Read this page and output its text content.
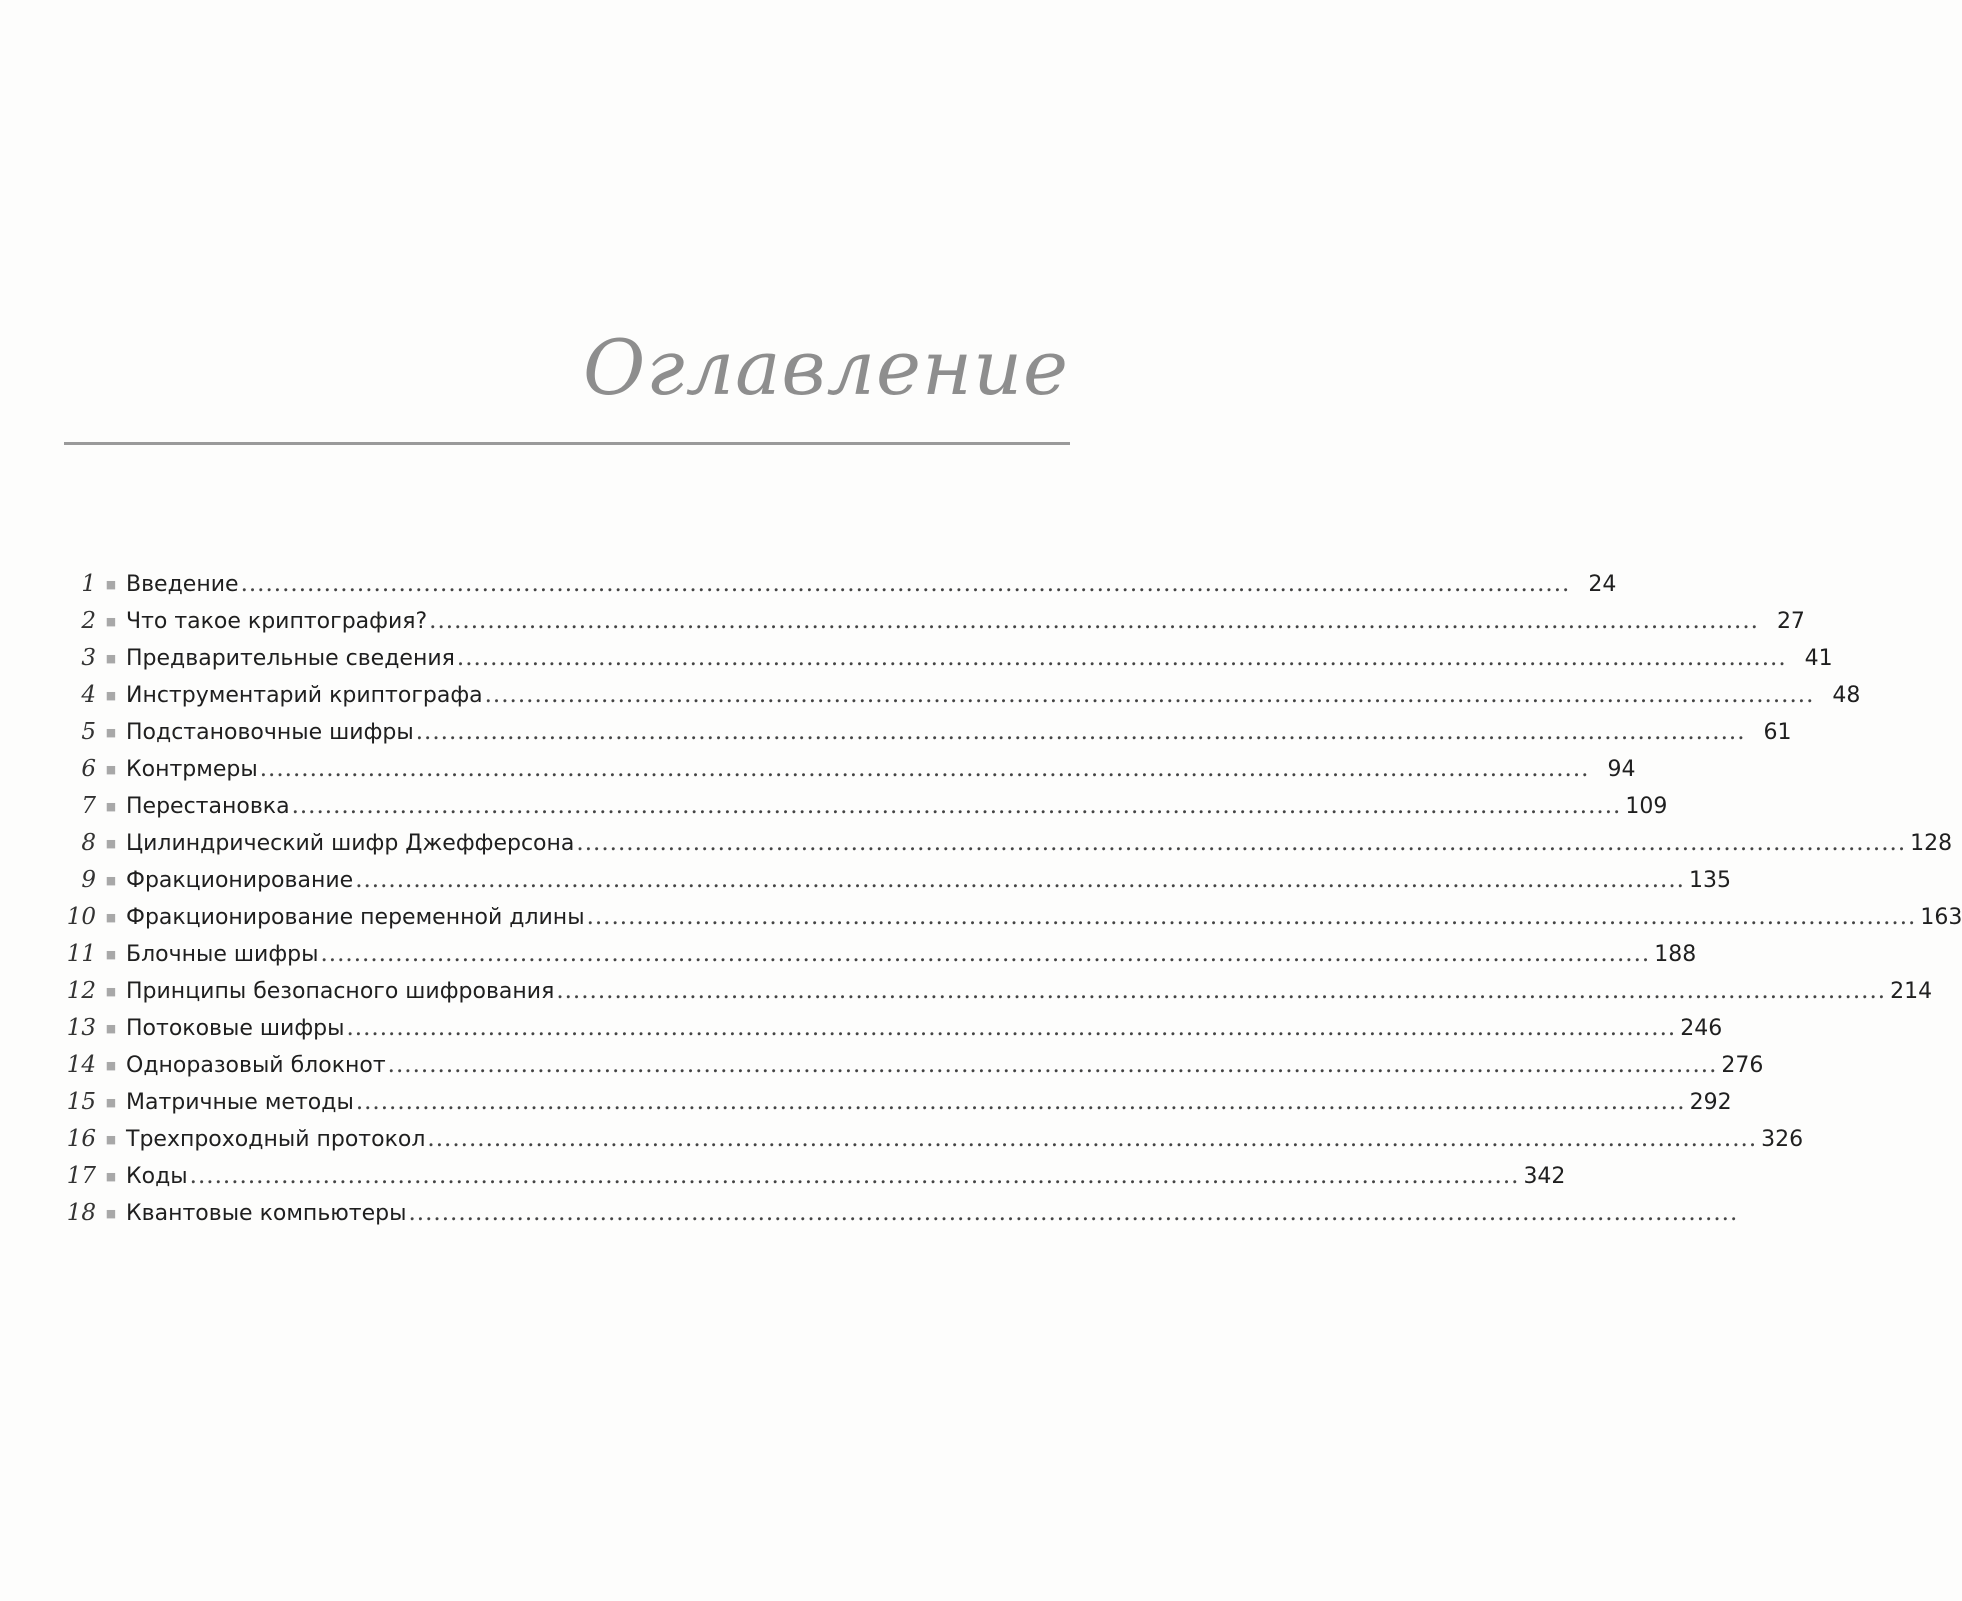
Оглавление
1 ■ Введение ................................................................................................................................................................ 24
2 ■ Что такое криптография? ................................................................................................................................................................ 27
3 ■ Предварительные сведения ................................................................................................................................................................ 41
4 ■ Инструментарий криптографа ................................................................................................................................................................ 48
5 ■ Подстановочные шифры ................................................................................................................................................................ 61
6 ■ Контрмеры ................................................................................................................................................................ 94
7 ■ Перестановка ................................................................................................................................................................ 109
8 ■ Цилиндрический шифр Джефферсона ................................................................................................................................................................ 128
9 ■ Фракционирование ................................................................................................................................................................ 135
10 ■ Фракционирование переменной длины ................................................................................................................................................................ 163
11 ■ Блочные шифры ................................................................................................................................................................ 188
12 ■ Принципы безопасного шифрования ................................................................................................................................................................ 214
13 ■ Потоковые шифры ................................................................................................................................................................ 246
14 ■ Одноразовый блокнот ................................................................................................................................................................ 276
15 ■ Матричные методы ................................................................................................................................................................ 292
16 ■ Трехпроходный протокол ................................................................................................................................................................ 326
17 ■ Коды ................................................................................................................................................................ 342
18 ■ Квантовые компьютеры ................................................................................................................................................................
